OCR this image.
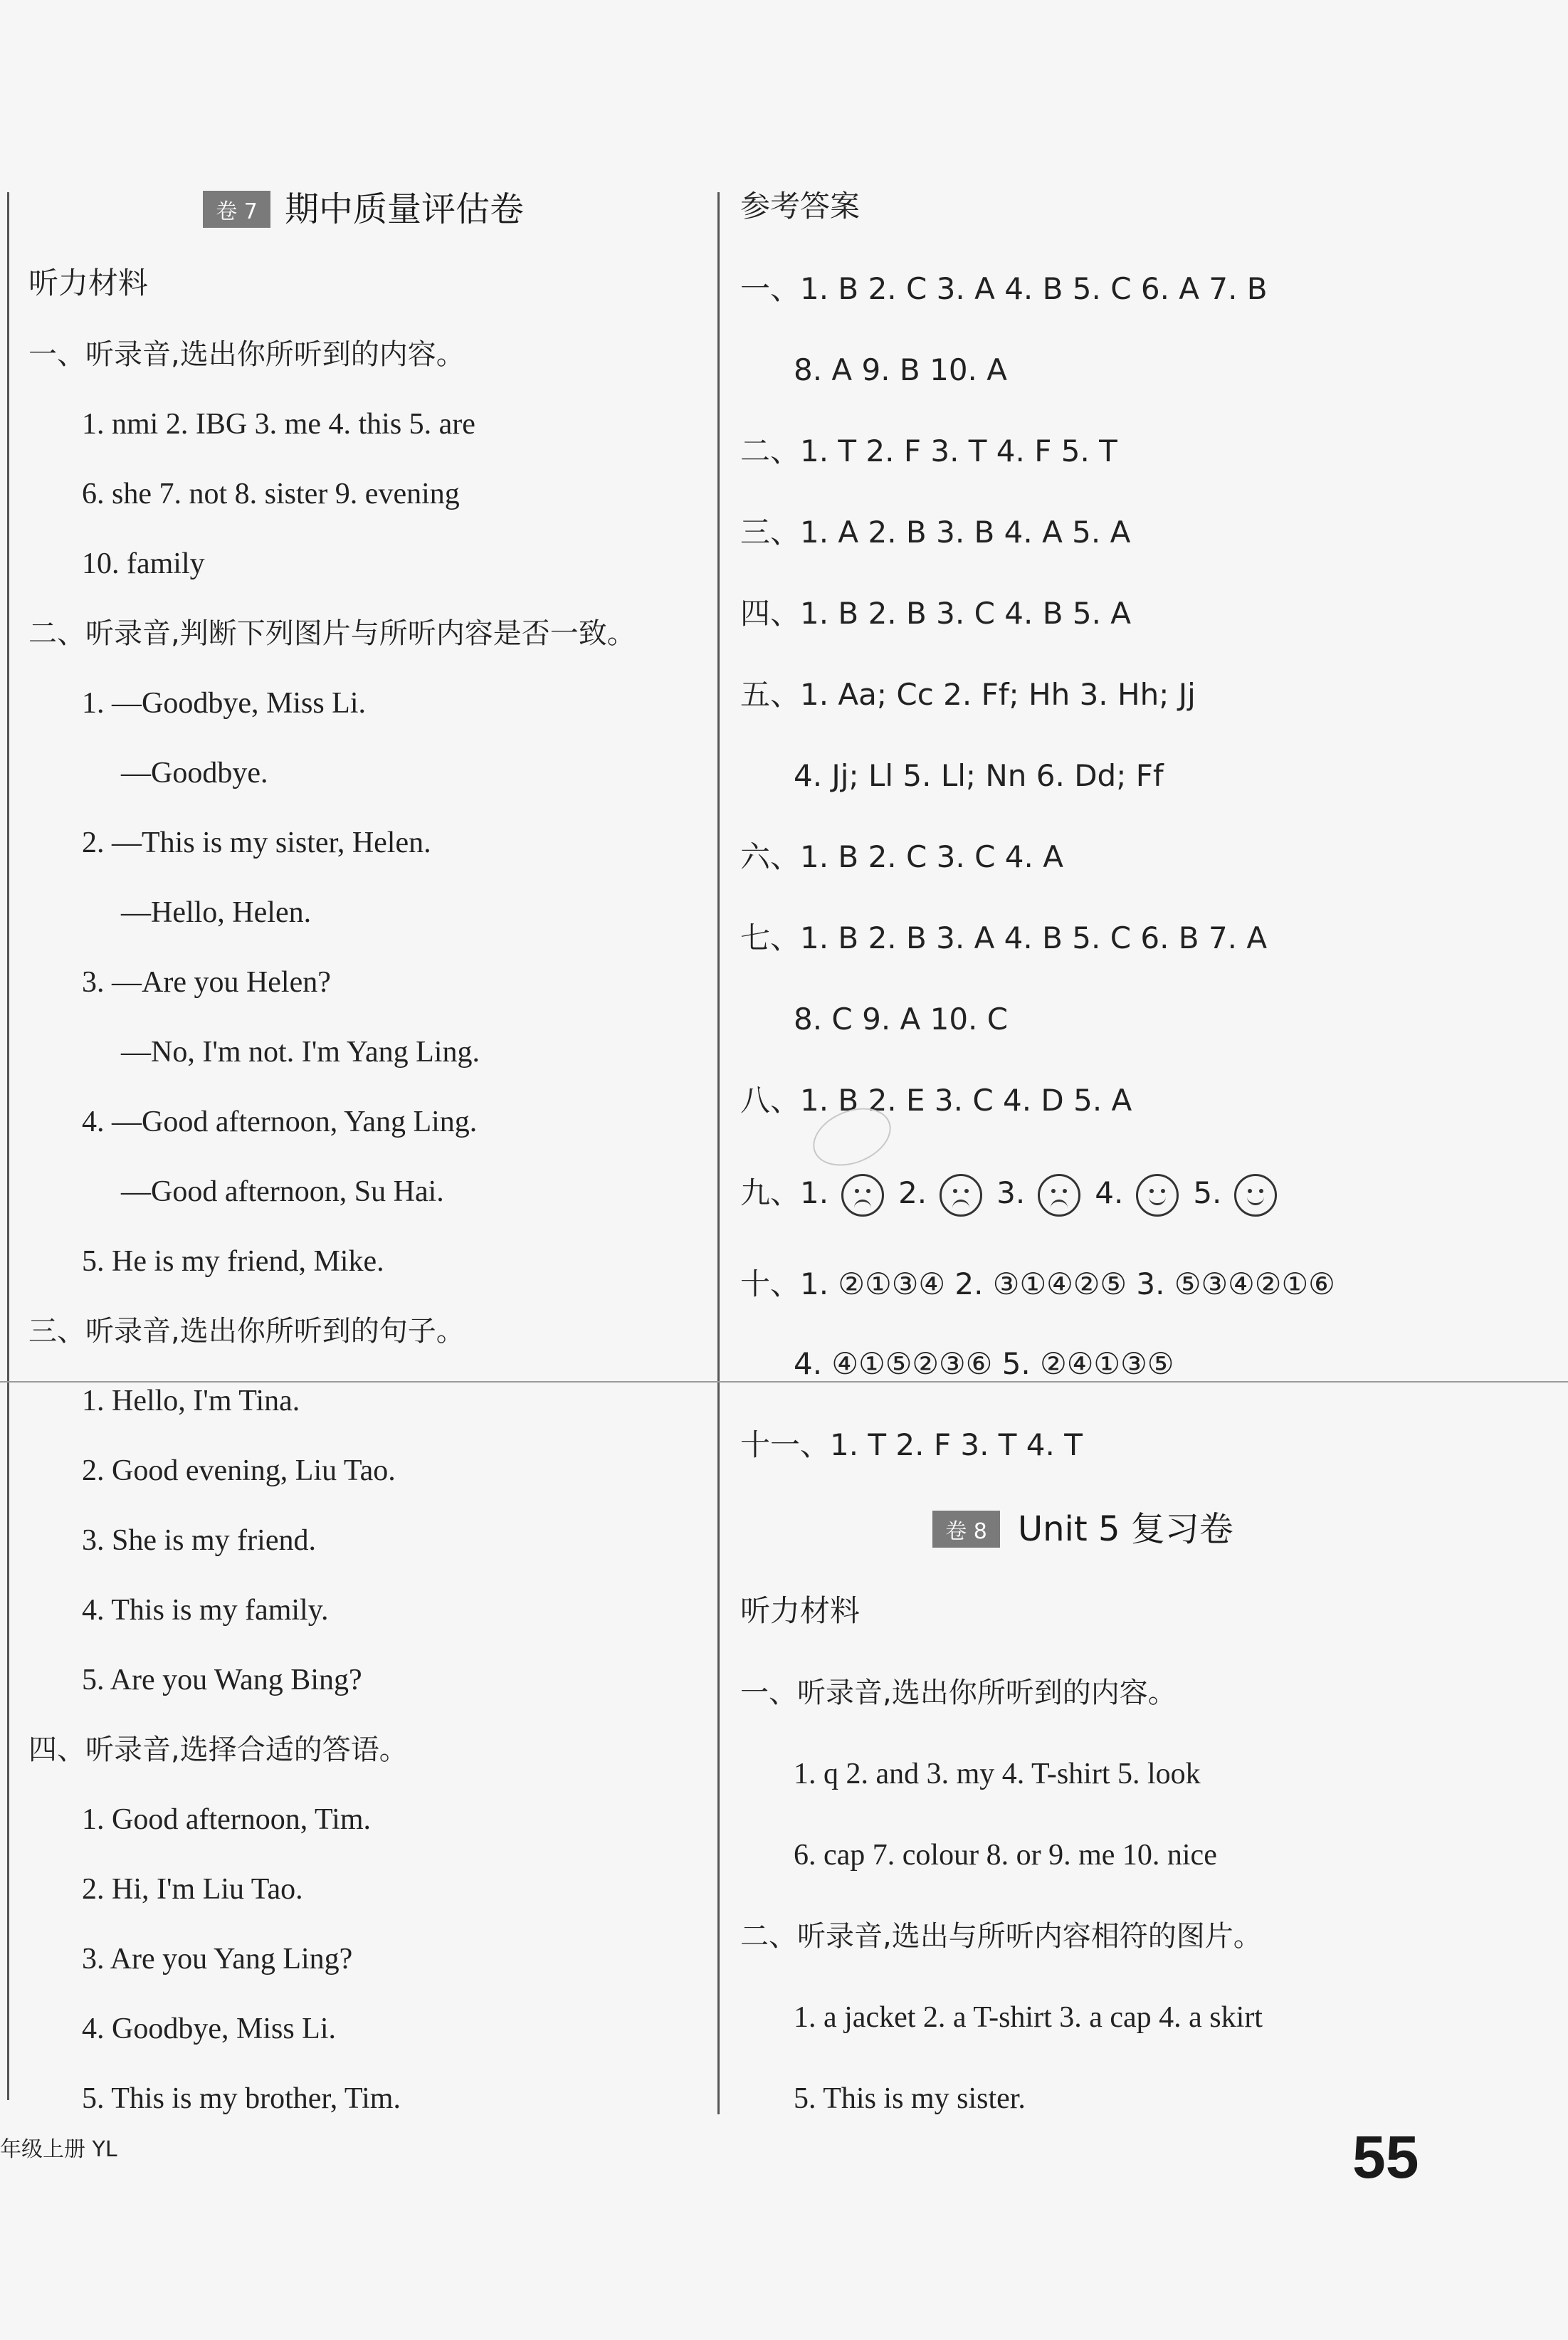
卷 7 期中质量评估卷
听力材料
一、听录音,选出你所听到的内容。
1. nmi 2. IBG 3. me 4. this 5. are
6. she 7. not 8. sister 9. evening
10. family
二、听录音,判断下列图片与所听内容是否一致。
1. —Goodbye, Miss Li.
—Goodbye.
2. —This is my sister, Helen.
—Hello, Helen.
3. —Are you Helen?
—No, I'm not. I'm Yang Ling.
4. —Good afternoon, Yang Ling.
—Good afternoon, Su Hai.
5. He is my friend, Mike.
三、听录音,选出你所听到的句子。
1. Hello, I'm Tina.
2. Good evening, Liu Tao.
3. She is my friend.
4. This is my family.
5. Are you Wang Bing?
四、听录音,选择合适的答语。
1. Good afternoon, Tim.
2. Hi, I'm Liu Tao.
3. Are you Yang Ling?
4. Goodbye, Miss Li.
5. This is my brother, Tim.
参考答案
一、1. B 2. C 3. A 4. B 5. C 6. A 7. B
8. A 9. B 10. A
二、1. T 2. F 3. T 4. F 5. T
三、1. A 2. B 3. B 4. A 5. A
四、1. B 2. B 3. C 4. B 5. A
五、1. Aa; Cc 2. Ff; Hh 3. Hh; Jj
4. Jj; Ll 5. Ll; Nn 6. Dd; Ff
六、1. B 2. C 3. C 4. A
七、1. B 2. B 3. A 4. B 5. C 6. B 7. A
8. C 9. A 10. C
八、1. B 2. E 3. C 4. D 5. A
九、1. 2. 3. 4. 5.
十、1. ②①③④ 2. ③①④②⑤ 3. ⑤③④②①⑥
4. ④①⑤②③⑥ 5. ②④①③⑤
十一、1. T 2. F 3. T 4. T
卷 8 Unit 5 复习卷
听力材料
一、听录音,选出你所听到的内容。
1. q 2. and 3. my 4. T-shirt 5. look
6. cap 7. colour 8. or 9. me 10. nice
二、听录音,选出与所听内容相符的图片。
1. a jacket 2. a T-shirt 3. a cap 4. a skirt
5. This is my sister.
年级上册 YL	55
